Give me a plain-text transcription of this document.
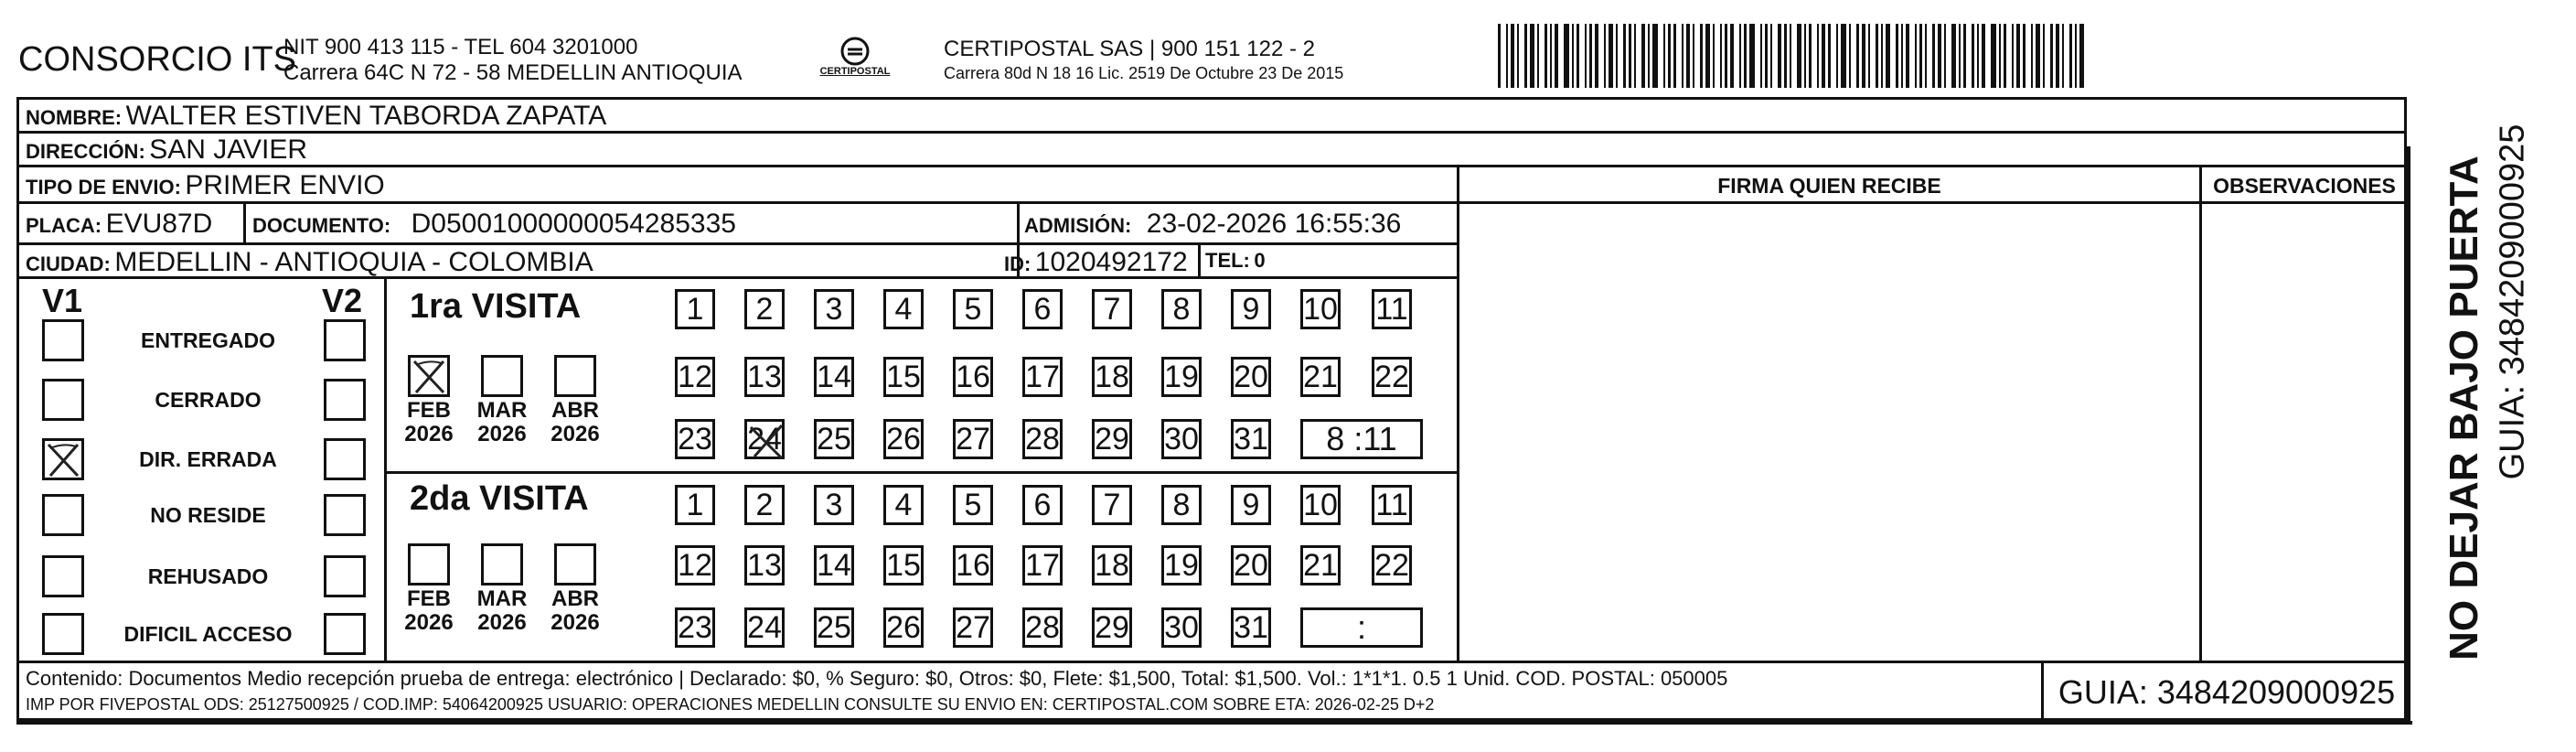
CONSORCIO ITS
NIT 900 413 115 - TEL 604 3201000
Carrera 64C N 72 - 58 MEDELLIN ANTIOQUIA	CERTIPOSTAL
CERTIPOSTAL SAS | 900 151 122 - 2
Carrera 80d N 18 16 Lic. 2519 De Octubre 23 De 2015
NOMBRE: WALTER ESTIVEN TABORDA ZAPATA
DIRECCIÓN: SAN JAVIER
TIPO DE ENVIO: PRIMER ENVIO
PLACA: EVU87D DOCUMENTO: D05001000000054285335	ADMISIÓN: 23-02-2026 16:55:36
CIUDAD: MEDELLIN - ANTIOQUIA - COLOMBIA	ID: 1020492172 TEL: 0
FIRMA QUIEN RECIBE	OBSERVACIONES
V1	V2
ENTREGADO
CERRADO
DIR. ERRADA
NO RESIDE
REHUSADO
DIFICIL ACCESO
1ra VISITA
FEB
2026
MAR
2026
ABR
2026
1 2 3 4 5 6 7 8 9 10 11
12 13 14 15 16 17 18 19 20 21 22
23 24 25 26 27 28 29 30 31 8 :11
2da VISITA
FEB
2026
MAR
2026
ABR
2026
1 2 3 4 5 6 7 8 9 10 11
12 13 14 15 16 17 18 19 20 21 22
23 24 25 26 27 28 29 30 31	:	NO DEJAR BAJO PUERTA GUIA: 3484209000925
Contenido: Documentos Medio recepción prueba de entrega: electrónico | Declarado: $0, % Seguro: $0, Otros: $0, Flete: $1,500, Total: $1,500. Vol.: 1*1*1. 0.5 1 Unid. COD. POSTAL: 050005
IMP POR FIVEPOSTAL ODS: 25127500925 / COD.IMP: 54064200925 USUARIO: OPERACIONES MEDELLIN CONSULTE SU ENVIO EN: CERTIPOSTAL.COM SOBRE ETA: 2026-02-25 D+2	GUIA: 3484209000925
